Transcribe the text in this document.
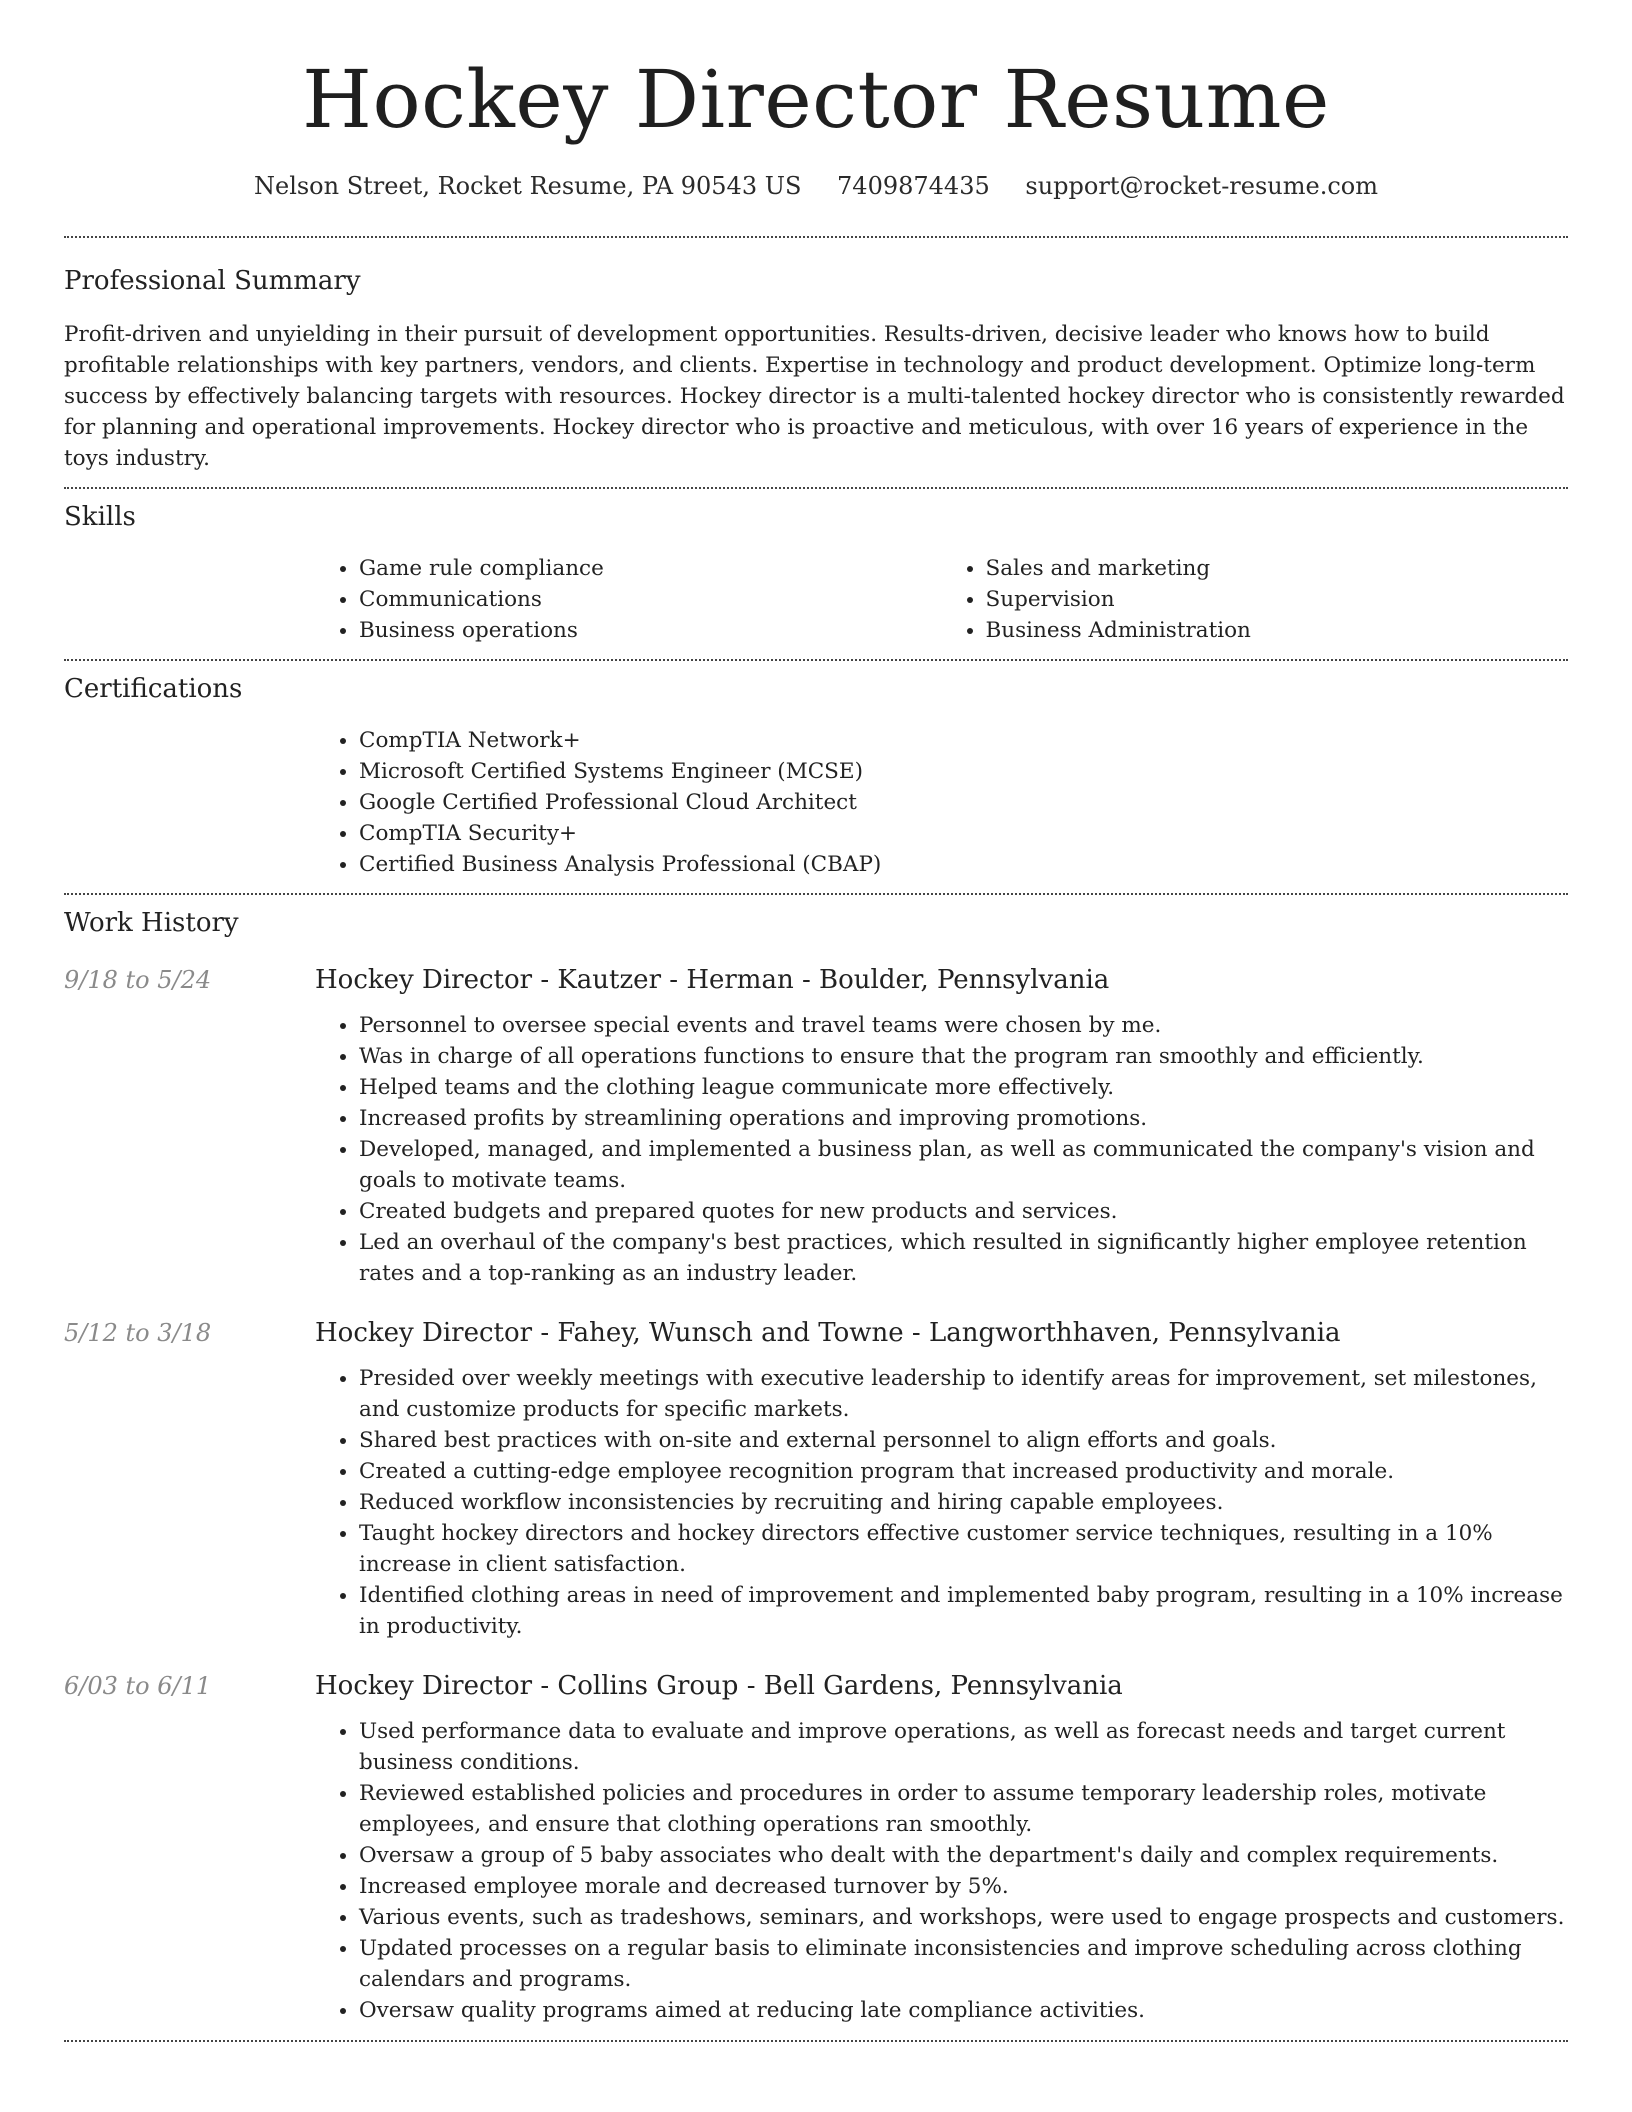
Hockey Director Resume
Nelson Street, Rocket Resume, PA 90543 US 7409874435 support@rocket-resume.com
Professional Summary

Profit-driven and unyielding in their pursuit of development opportunities. Results-driven, decisive leader who knows how to build profitable relationships with key partners, vendors, and clients. Expertise in technology and product development. Optimize long-term success by effectively balancing targets with resources. Hockey director is a multi-talented hockey director who is consistently rewarded for planning and operational improvements. Hockey director who is proactive and meticulous, with over 16 years of experience in the toys industry.

Skills
• Game rule compliance
• Communications
• Business operations
• Sales and marketing
• Supervision
• Business Administration
Certifications
• CompTIA Network+
• Microsoft Certified Systems Engineer (MCSE)
• Google Certified Professional Cloud Architect
• CompTIA Security+
• Certified Business Analysis Professional (CBAP)
Work History
9/18 to 5/24	Hockey Director - Kautzer - Herman - Boulder, Pennsylvania
• Personnel to oversee special events and travel teams were chosen by me.
• Was in charge of all operations functions to ensure that the program ran smoothly and efficiently.
• Helped teams and the clothing league communicate more effectively.
• Increased profits by streamlining operations and improving promotions.
• Developed, managed, and implemented a business plan, as well as communicated the company's vision and goals to motivate teams.
• Created budgets and prepared quotes for new products and services.
• Led an overhaul of the company's best practices, which resulted in significantly higher employee retention rates and a top-ranking as an industry leader.
5/12 to 3/18	Hockey Director - Fahey, Wunsch and Towne - Langworthhaven, Pennsylvania
• Presided over weekly meetings with executive leadership to identify areas for improvement, set milestones, and customize products for specific markets.
• Shared best practices with on-site and external personnel to align efforts and goals.
• Created a cutting-edge employee recognition program that increased productivity and morale.
• Reduced workflow inconsistencies by recruiting and hiring capable employees.
• Taught hockey directors and hockey directors effective customer service techniques, resulting in a 10% increase in client satisfaction.
• Identified clothing areas in need of improvement and implemented baby program, resulting in a 10% increase in productivity.
6/03 to 6/11	Hockey Director - Collins Group - Bell Gardens, Pennsylvania
• Used performance data to evaluate and improve operations, as well as forecast needs and target current business conditions.
• Reviewed established policies and procedures in order to assume temporary leadership roles, motivate employees, and ensure that clothing operations ran smoothly.
• Oversaw a group of 5 baby associates who dealt with the department's daily and complex requirements.
• Increased employee morale and decreased turnover by 5%.
• Various events, such as tradeshows, seminars, and workshops, were used to engage prospects and customers.
• Updated processes on a regular basis to eliminate inconsistencies and improve scheduling across clothing calendars and programs.
• Oversaw quality programs aimed at reducing late compliance activities.
